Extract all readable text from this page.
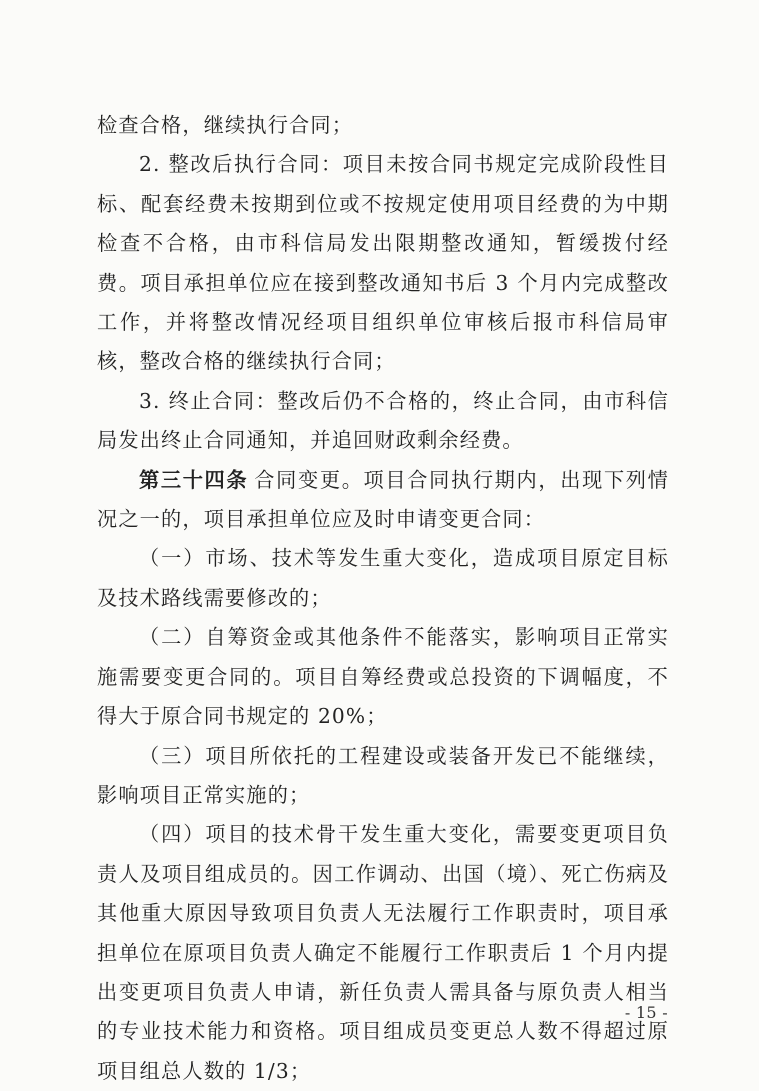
检查合格，继续执行合同；

2. 整改后执行合同：项目未按合同书规定完成阶段性目标、配套经费未按期到位或不按规定使用项目经费的为中期检查不合格，由市科信局发出限期整改通知，暂缓拨付经费。项目承担单位应在接到整改通知书后 3 个月内完成整改工作，并将整改情况经项目组织单位审核后报市科信局审核，整改合格的继续执行合同；

3. 终止合同：整改后仍不合格的，终止合同，由市科信局发出终止合同通知，并追回财政剩余经费。

第三十四条 合同变更。项目合同执行期内，出现下列情况之一的，项目承担单位应及时申请变更合同：

（一）市场、技术等发生重大变化，造成项目原定目标及技术路线需要修改的；

（二）自筹资金或其他条件不能落实，影响项目正常实施需要变更合同的。项目自筹经费或总投资的下调幅度，不得大于原合同书规定的 20%；

（三）项目所依托的工程建设或装备开发已不能继续，影响项目正常实施的；

（四）项目的技术骨干发生重大变化，需要变更项目负责人及项目组成员的。因工作调动、出国（境）、死亡伤病及其他重大原因导致项目负责人无法履行工作职责时，项目承担单位在原项目负责人确定不能履行工作职责后 1 个月内提出变更项目负责人申请，新任负责人需具备与原负责人相当的专业技术能力和资格。项目组成员变更总人数不得超过原项目组总人数的 1/3；

- 15 -
